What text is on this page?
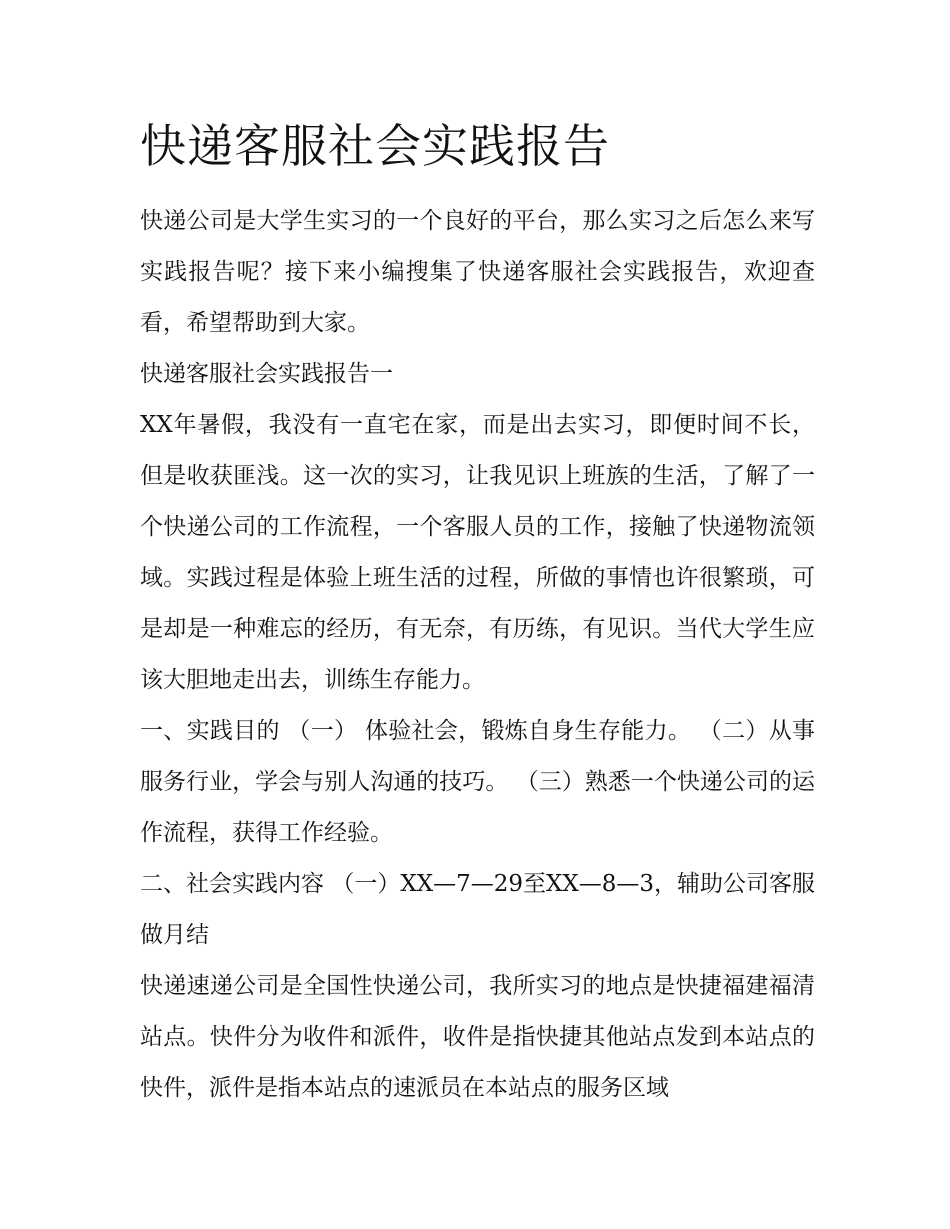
快递客服社会实践报告

快递公司是大学生实习的一个良好的平台，那么实习之后怎么来写实践报告呢？接下来小编搜集了快递客服社会实践报告，欢迎查看，希望帮助到大家。

快递客服社会实践报告一

XX年暑假，我没有一直宅在家，而是出去实习，即便时间不长，但是收获匪浅。这一次的实习，让我见识上班族的生活，了解了一个快递公司的工作流程，一个客服人员的工作，接触了快递物流领域。实践过程是体验上班生活的过程，所做的事情也许很繁琐，可是却是一种难忘的经历，有无奈，有历练，有见识。当代大学生应该大胆地走出去，训练生存能力。

一、实践目的 （一） 体验社会，锻炼自身生存能力。 （二）从事服务行业，学会与别人沟通的技巧。 （三）熟悉一个快递公司的运作流程，获得工作经验。

二、社会实践内容 （一）XX—7—29至XX—8—3，辅助公司客服做月结

快递速递公司是全国性快递公司，我所实习的地点是快捷福建福清站点。快件分为收件和派件，收件是指快捷其他站点发到本站点的快件，派件是指本站点的速派员在本站点的服务区域
